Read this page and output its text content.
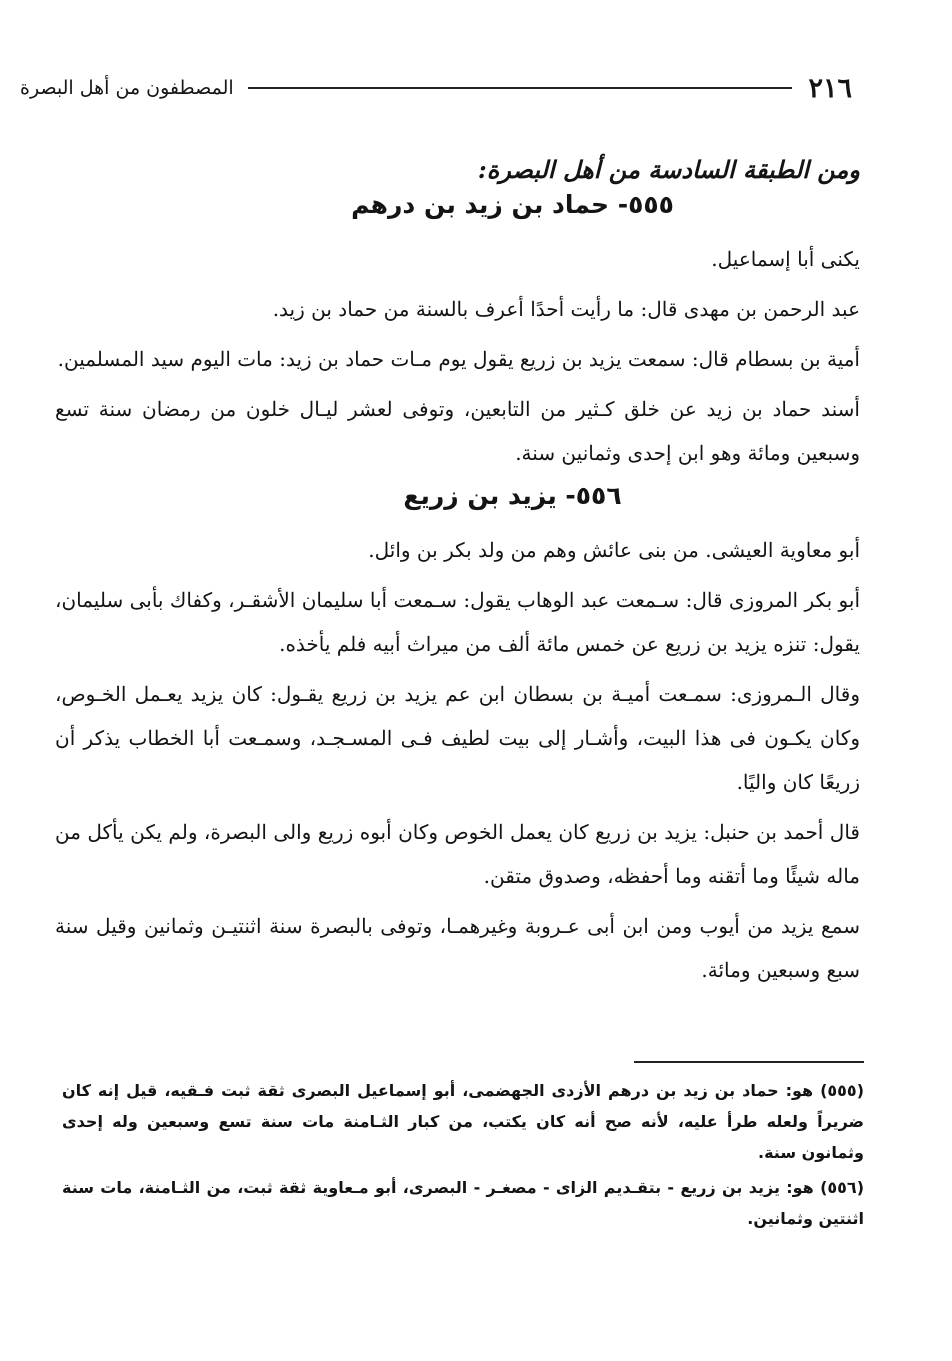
٢١٦
المصطفون من أهل البصرة
ومن الطبقة السادسة من أهل البصرة:
٥٥٥- حماد بن زيد بن درهم

يكنى أبا إسماعيل.

عبد الرحمن بن مهدى قال: ما رأيت أحدًا أعرف بالسنة من حماد بن زيد.

أمية بن بسطام قال: سمعت يزيد بن زريع يقول يوم مـات حماد بن زيد: مات اليوم سيد المسلمين.

أسند حماد بن زيد عن خلق كـثير من التابعين، وتوفى لعشر ليـال خلون من رمضان سنة تسع وسبعين ومائة وهو ابن إحدى وثمانين سنة.

٥٥٦- يزيد بن زريع

أبو معاوية العيشى. من بنى عائش وهم من ولد بكر بن وائل.

أبو بكر المروزى قال: سـمعت عبد الوهاب يقول: سـمعت أبا سليمان الأشقـر، وكفاك بأبى سليمان، يقول: تنزه يزيد بن زريع عن خمس مائة ألف من ميراث أبيه فلم يأخذه.

وقال الـمروزى: سمـعت أميـة بن بسطان ابن عم يزيد بن زريع يقـول: كان يزيد يعـمل الخـوص، وكان يكـون فى هذا البيت، وأشـار إلى بيت لطيف فـى المسـجـد، وسمـعت أبا الخطاب يذكر أن زريعًا كان واليًا.

قال أحمد بن حنبل: يزيد بن زريع كان يعمل الخوص وكان أبوه زريع والى البصرة، ولم يكن يأكل من ماله شيئًا وما أتقنه وما أحفظه، وصدوق متقن.

سمع يزيد من أيوب ومن ابن أبى عـروبة وغيرهمـا، وتوفى بالبصرة سنة اثنتيـن وثمانين وقيل سنة سبع وسبعين ومائة.

(٥٥٥) هو: حماد بن زيد بن درهم الأزدى الجهضمى، أبو إسماعيل البصرى ثقة ثبت فـقيه، قيل إنه كان ضريراً ولعله طرأ عليه، لأنه صح أنه كان يكتب، من كبار الثـامنة مات سنة تسع وسبعين وله إحدى وثمانون سنة.

(٥٥٦) هو: يزيد بن زريع - بتقـديم الزاى - مصغـر - البصرى، أبو مـعاوية ثقة ثبت، من الثـامنة، مات سنة اثنتين وثمانين.
